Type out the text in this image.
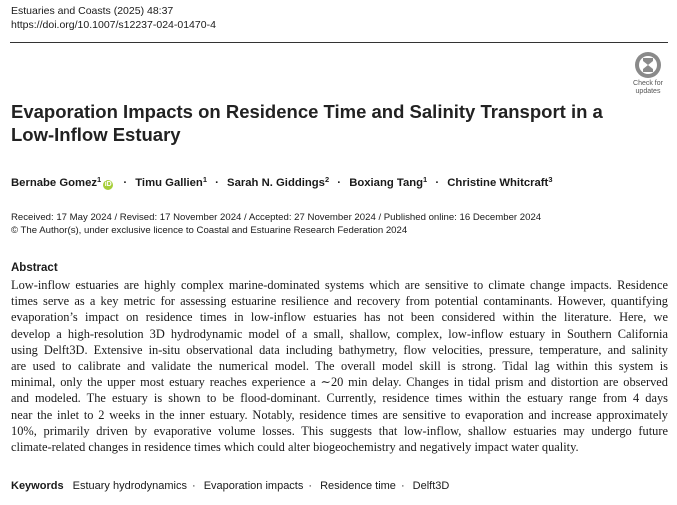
Estuaries and Coasts (2025) 48:37
https://doi.org/10.1007/s12237-024-01470-4
Check for
updates
Evaporation Impacts on Residence Time and Salinity Transport in a
Low-Inflow Estuary
Bernabe Gomez$^1$iD · Timu Gallien$^1$ · Sarah N. Giddings$^2$ · Boxiang Tang$^1$ · Christine Whitcraft$^3$
Received: 17 May 2024 / Revised: 17 November 2024 / Accepted: 27 November 2024 / Published online: 16 December 2024
© The Author(s), under exclusive licence to Coastal and Estuarine Research Federation 2024
Abstract
Low-inflow estuaries are highly complex marine-dominated systems which are sensitive to climate change impacts. Residence
times serve as a key metric for assessing estuarine resilience and recovery from potential contaminants. However, quantifying
evaporation’s impact on residence times in low-inflow estuaries has not been considered within the literature. Here, we
develop a high-resolution 3D hydrodynamic model of a small, shallow, complex, low-inflow estuary in Southern California
using Delft3D. Extensive in-situ observational data including bathymetry, flow velocities, pressure, temperature, and salinity
are used to calibrate and validate the numerical model. The overall model skill is strong. Tidal lag within this system is
minimal, only the upper most estuary reaches experience a ∼20 min delay. Changes in tidal prism and distortion are observed
and modeled. The estuary is shown to be flood-dominant. Currently, residence times within the estuary range from 4 days
near the inlet to 2 weeks in the inner estuary. Notably, residence times are sensitive to evaporation and increase approximately
10%, primarily driven by evaporative volume losses. This suggests that low-inflow, shallow estuaries may undergo future
climate-related changes in residence times which could alter biogeochemistry and negatively impact water quality.
Keywords Estuary hydrodynamics · Evaporation impacts · Residence time · Delft3D
